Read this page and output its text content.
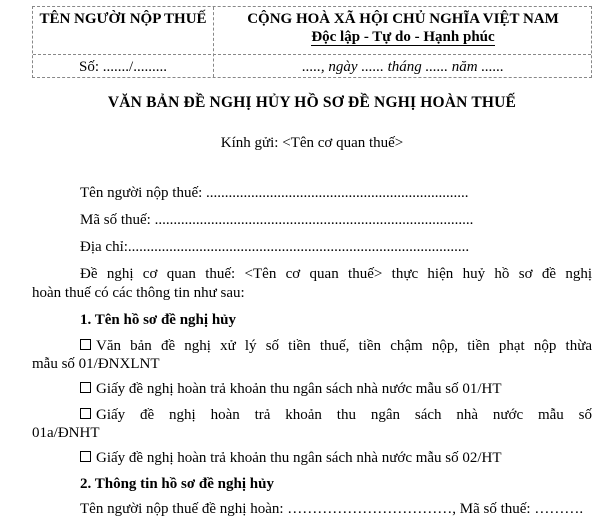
TÊN NGƯỜI NỘP THUẾ	CỘNG HOÀ XÃ HỘI CHỦ NGHĨA VIỆT NAM
Độc lập - Tự do - Hạnh phúc
Số: ......./.........	....., ngày ...... tháng ...... năm ......
VĂN BẢN ĐỀ NGHỊ HỦY HỒ SƠ ĐỀ NGHỊ HOÀN THUẾ
Kính gửi: <Tên cơ quan thuế>
Tên người nộp thuế: ......................................................................
Mã số thuế: .....................................................................................
Địa chỉ:...........................................................................................
Đề nghị cơ quan thuế: <Tên cơ quan thuế> thực hiện huỷ hồ sơ đề nghị
hoàn thuế có các thông tin như sau:
1. Tên hồ sơ đề nghị hủy
Văn bản đề nghị xử lý số tiền thuế, tiền chậm nộp, tiền phạt nộp thừa
mẫu số 01/ĐNXLNT
Giấy đề nghị hoàn trả khoản thu ngân sách nhà nước mẫu số 01/HT
Giấy đề nghị hoàn trả khoản thu ngân sách nhà nước mẫu số
01a/ĐNHT
Giấy đề nghị hoàn trả khoản thu ngân sách nhà nước mẫu số 02/HT
2. Thông tin hồ sơ đề nghị hủy
Tên người nộp thuế đề nghị hoàn: ……………………………, Mã số thuế: ……….
